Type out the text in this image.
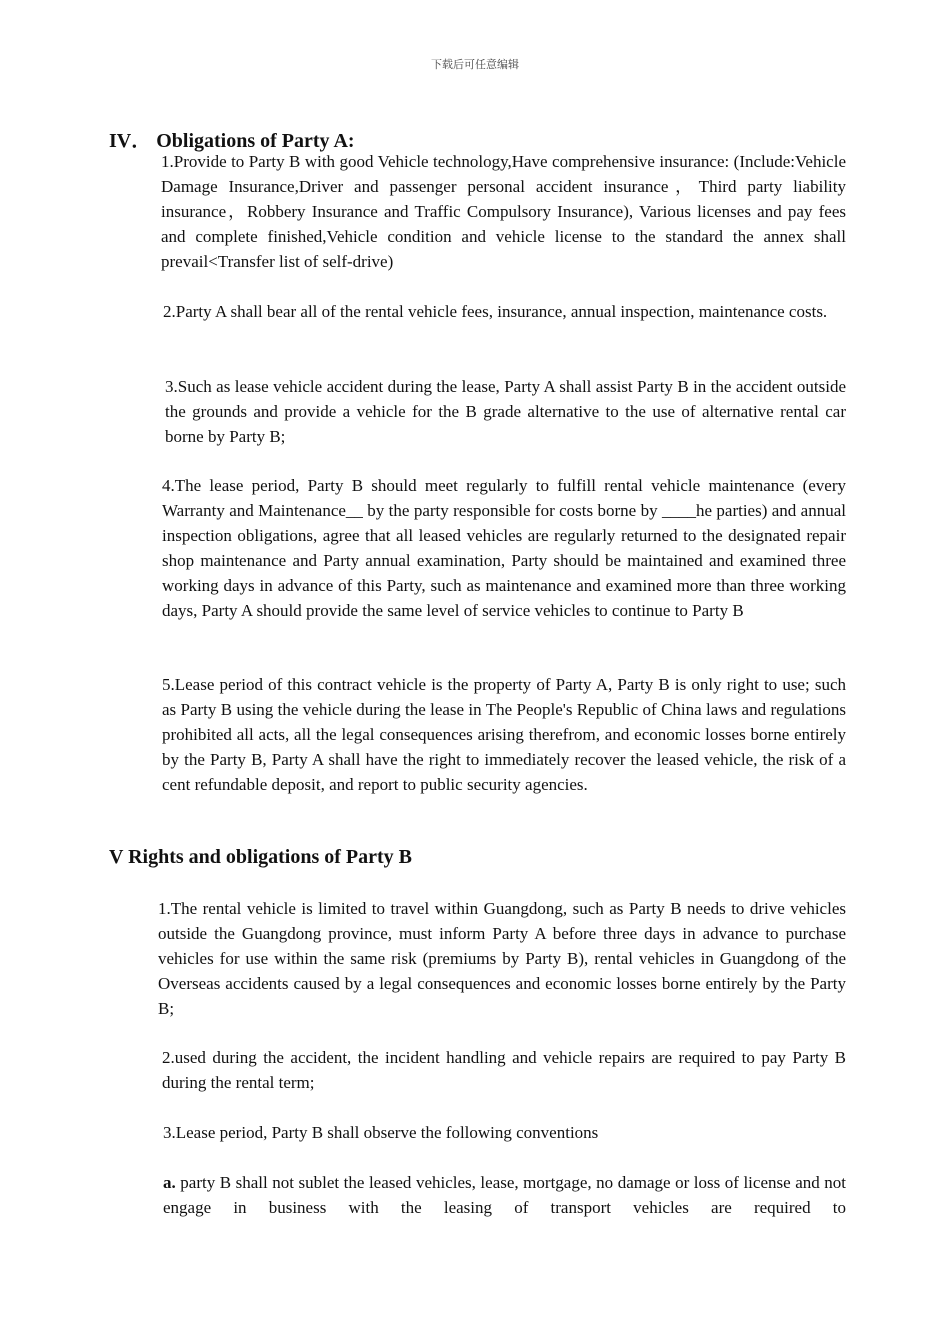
下载后可任意编辑
IV． Obligations of Party A:

1.Provide to Party B with good Vehicle technology,Have comprehensive insurance: (Include:Vehicle Damage Insurance,Driver and passenger personal accident insurance，Third party liability insurance，Robbery Insurance and Traffic Compulsory Insurance), Various licenses and pay fees and complete finished,Vehicle condition and vehicle license to the standard the annex shall prevail<Transfer list of self-drive)

2.Party A shall bear all of the rental vehicle fees, insurance, annual inspection, maintenance costs.

3.Such as lease vehicle accident during the lease, Party A shall assist Party B in the accident outside the grounds and provide a vehicle for the B grade alternative to the use of alternative rental car borne by Party B;

4.The lease period, Party B should meet regularly to fulfill rental vehicle maintenance (every Warranty and Maintenance__ by the party responsible for costs borne by ____he parties) and annual inspection obligations, agree that all leased vehicles are regularly returned to the designated repair shop maintenance and Party annual examination, Party should be maintained and examined three working days in advance of this Party, such as maintenance and examined more than three working days, Party A should provide the same level of service vehicles to continue to Party B

5.Lease period of this contract vehicle is the property of Party A, Party B is only right to use; such as Party B using the vehicle during the lease in The People's Republic of China laws and regulations prohibited all acts, all the legal consequences arising therefrom, and economic losses borne entirely by the Party B, Party A shall have the right to immediately recover the leased vehicle, the risk of a cent refundable deposit, and report to public security agencies.

V Rights and obligations of Party B

1.The rental vehicle is limited to travel within Guangdong, such as Party B needs to drive vehicles outside the Guangdong province, must inform Party A before three days in advance to purchase vehicles for use within the same risk (premiums by Party B), rental vehicles in Guangdong of the Overseas accidents caused by a legal consequences and economic losses borne entirely by the Party B;

2.used during the accident, the incident handling and vehicle repairs are required to pay Party B during the rental term;

3.Lease period, Party B shall observe the following conventions

a. party B shall not sublet the leased vehicles, lease, mortgage, no damage or loss of license and not engage in business with the leasing of transport vehicles are required to
